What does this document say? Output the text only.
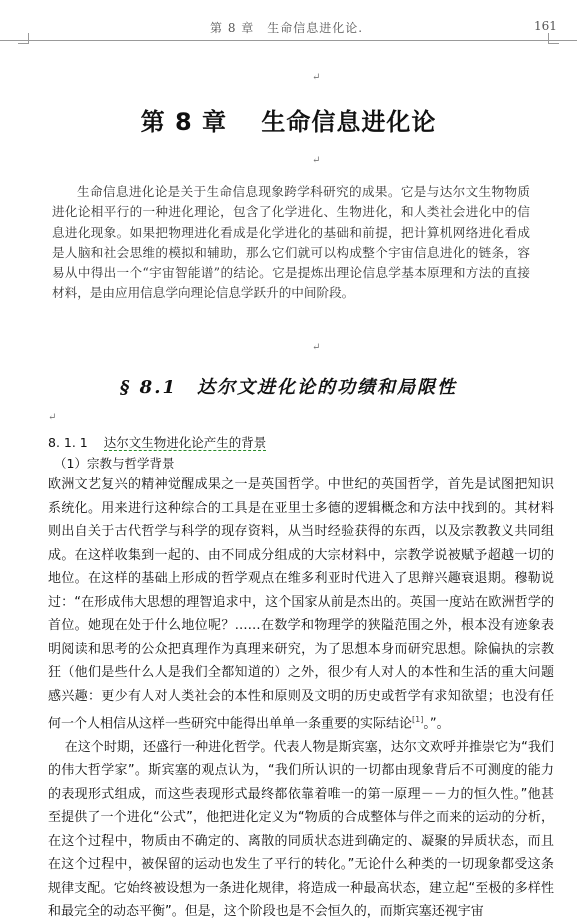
第 8 章　生命信息进化论.	161
↵
第 8 章　 生命信息进化论
↵
生命信息进化论是关于生命信息现象跨学科研究的成果。它是与达尔文生物物质进化论相平行的一种进化理论，包含了化学进化、生物进化，和人类社会进化中的信息进化现象。如果把物理进化看成是化学进化的基础和前提，把计算机网络进化看成是人脑和社会思维的模拟和辅助，那么它们就可以构成整个宇宙信息进化的链条，容易从中得出一个“宇宙智能谱”的结论。它是提炼出理论信息学基本原理和方法的直接材料，是由应用信息学向理论信息学跃升的中间阶段。
↵
§ 8.1　达尔文进化论的功绩和局限性
↵
8. 1. 1 达尔文生物进化论产生的背景
（1）宗教与哲学背景

欧洲文艺复兴的精神觉醒成果之一是英国哲学。中世纪的英国哲学，首先是试图把知识系统化。用来进行这种综合的工具是在亚里士多德的逻辑概念和方法中找到的。其材料则出自关于古代哲学与科学的现存资料，从当时经验获得的东西，以及宗教教义共同组成。在这样收集到一起的、由不同成分组成的大宗材料中，宗教学说被赋予超越一切的地位。在这样的基础上形成的哲学观点在维多利亚时代进入了思辩兴趣衰退期。穆勒说过：“在形成伟大思想的理智追求中，这个国家从前是杰出的。英国一度站在欧洲哲学的首位。她现在处于什么地位呢？……在数学和物理学的狭隘范围之外，根本没有迹象表明阅读和思考的公众把真理作为真理来研究，为了思想本身而研究思想。除偏执的宗教狂（他们是些什么人是我们全都知道的）之外，很少有人对人的本性和生活的重大问题感兴趣：更少有人对人类社会的本性和原则及文明的历史或哲学有求知欲望；也没有任何一个人相信从这样一些研究中能得出单单一条重要的实际结论[1]。”。

在这个时期，还盛行一种进化哲学。代表人物是斯宾塞，达尔文欢呼并推崇它为“我们的伟大哲学家”。斯宾塞的观点认为，“我们所认识的一切都由现象背后不可测度的能力的表现形式组成，而这些表现形式最终都依靠着唯一的第一原理－－力的恒久性。”他甚至提供了一个进化“公式”，他把进化定义为“物质的合成整体与伴之而来的运动的分析，在这个过程中，物质由不确定的、离散的同质状态进到确定的、凝聚的异质状态，而且在这个过程中，被保留的运动也发生了平行的转化。”无论什么种类的一切现象都受这条规律支配。它始终被设想为一条进化规律，将造成一种最高状态，建立起“至极的多样性和最完全的动态平衡”。但是，这个阶段也是不会恒久的，而斯宾塞还视宇宙
